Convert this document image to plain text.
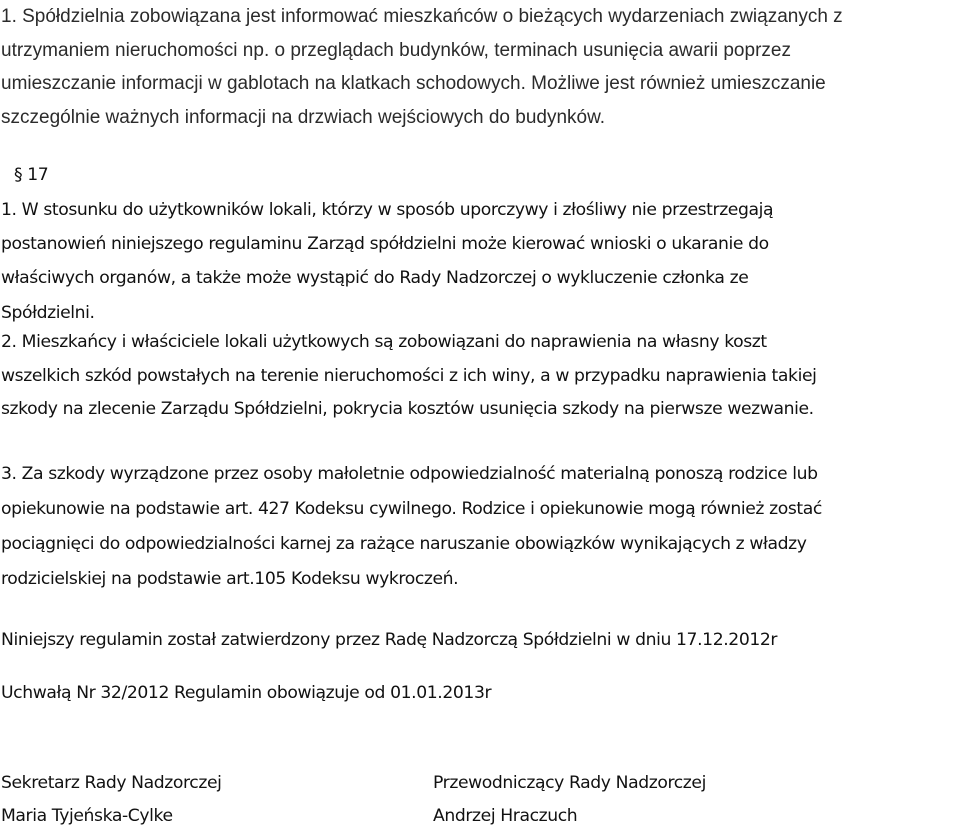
1. Spółdzielnia zobowiązana jest informować mieszkańców o bieżących wydarzeniach związanych z
utrzymaniem nieruchomości np. o przeglądach budynków, terminach usunięcia awarii poprzez
umieszczanie informacji w gablotach na klatkach schodowych. Możliwe jest również umieszczanie
szczególnie ważnych informacji na drzwiach wejściowych do budynków.
§ 17
1. W stosunku do użytkowników lokali, którzy w sposób uporczywy i złośliwy nie przestrzegają
postanowień niniejszego regulaminu Zarząd spółdzielni może kierować wnioski o ukaranie do
właściwych organów, a także może wystąpić do Rady Nadzorczej o wykluczenie członka ze
Spółdzielni.
2. Mieszkańcy i właściciele lokali użytkowych są zobowiązani do naprawienia na własny koszt
wszelkich szkód powstałych na terenie nieruchomości z ich winy, a w przypadku naprawienia takiej
szkody na zlecenie Zarządu Spółdzielni, pokrycia kosztów usunięcia szkody na pierwsze wezwanie.
3. Za szkody wyrządzone przez osoby małoletnie odpowiedzialność materialną ponoszą rodzice lub
opiekunowie na podstawie art. 427 Kodeksu cywilnego. Rodzice i opiekunowie mogą również zostać
pociągnięci do odpowiedzialności karnej za rażące naruszanie obowiązków wynikających z władzy
rodzicielskiej na podstawie art.105 Kodeksu wykroczeń.
Niniejszy regulamin został zatwierdzony przez Radę Nadzorczą Spółdzielni w dniu 17.12.2012r
Uchwałą Nr 32/2012 Regulamin obowiązuje od 01.01.2013r
Sekretarz Rady Nadzorczej
Maria Tyjeńska-Cylke
Przewodniczący Rady Nadzorczej
Andrzej Hraczuch
